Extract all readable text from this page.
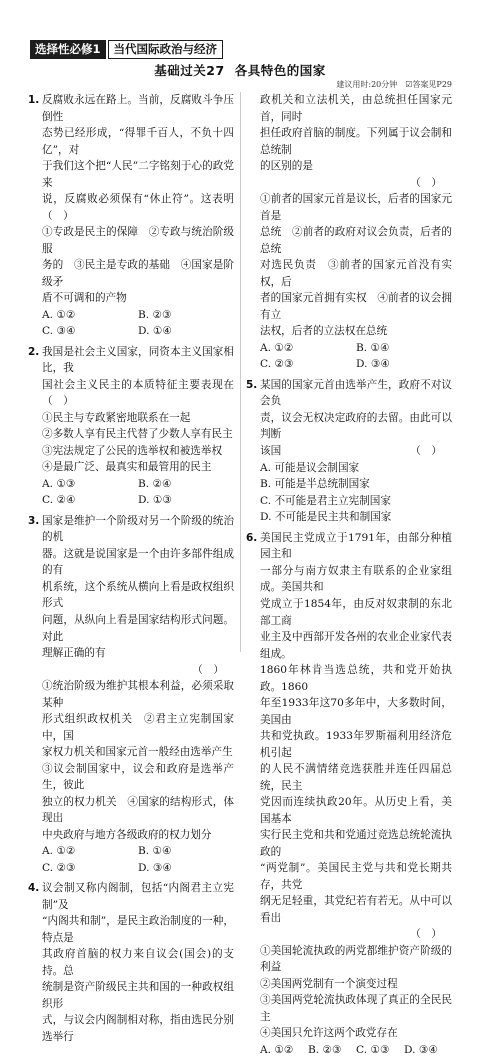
选择性必修1	当代国际政治与经济
基础过关27 各具特色的国家
建议用时:20分钟 ☑答案见P29
1. 反腐败永远在路上。当前，反腐败斗争压倒性
态势已经形成，“得罪千百人，不负十四亿”，对
于我们这个把“人民”二字铭刻于心的政党来
说，反腐败必须保有“休止符”。这表明（　）
①专政是民主的保障　②专政与统治阶级服
务的　③民主是专政的基础　④国家是阶级矛
盾不可调和的产物
A. ①②	B. ②③
C. ③④	D. ①④
2. 我国是社会主义国家，同资本主义国家相比，我
国社会主义民主的本质特征主要表现在（　）
①民主与专政紧密地联系在一起
②多数人享有民主代替了少数人享有民主
③宪法规定了公民的选举权和被选举权
④是最广泛、最真实和最管用的民主
A. ①③	B. ②④
C. ②④	D. ①③
3. 国家是维护一个阶级对另一个阶级的统治的机
器。这就是说国家是一个由许多部件组成的有
机系统，这个系统从横向上看是政权组织形式
问题，从纵向上看是国家结构形式问题。对此
理解正确的有
（　）
①统治阶级为维护其根本利益，必须采取某种
形式组织政权机关　②君主立宪制国家中，国
家权力机关和国家元首一般经由选举产生
③议会制国家中，议会和政府是选举产生，彼此
独立的权力机关　④国家的结构形式，体现出
中央政府与地方各级政府的权力划分
A. ①②	B. ①④
C. ②③	D. ③④
4. 议会制又称内阁制，包括“内阁君主立宪制”及
“内阁共和制”，是民主政治制度的一种，特点是
其政府首脑的权力来自议会(国会)的支持。总
统制是资产阶级民主共和国的一种政权组织形
式，与议会内阁制相对称，指由选民分别选举行
政机关和立法机关，由总统担任国家元首，同时
担任政府首脑的制度。下列属于议会制和总统制
的区别的是
（　）
①前者的国家元首是议长，后者的国家元首是
总统　②前者的政府对议会负责，后者的总统
对选民负责　③前者的国家元首没有实权，后
者的国家元首拥有实权　④前者的议会拥有立
法权，后者的立法权在总统
A. ①②	B. ①④
C. ②③	D. ③④
5. 某国的国家元首由选举产生，政府不对议会负
责，议会无权决定政府的去留。由此可以判断
该国	（　）
A. 可能是议会制国家
B. 可能是半总统制国家
C. 不可能是君主立宪制国家
D. 不可能是民主共和制国家
6. 美国民主党成立于1791年，由部分种植园主和
一部分与南方奴隶主有联系的企业家组成。美国共和
党成立于1854年，由反对奴隶制的东北部工商
业主及中西部开发各州的农业企业家代表组成。
1860年林肯当选总统，共和党开始执政。1860
年至1933年这70多年中，大多数时间，美国由
共和党执政。1933年罗斯福利用经济危机引起
的人民不满情绪竞选获胜并连任四届总统，民主
党因而连续执政20年。从历史上看，美国基本
实行民主党和共和党通过竞选总统轮流执政的
“两党制”。美国民主党与共和党长期共存，共党
纲无足轻重，其党纪若有若无。从中可以看出
（　）
①美国轮流执政的两党都维护资产阶级的利益
②美国两党制有一个演变过程
③美国两党轮流执政体现了真正的全民民主
④美国只允许这两个政党存在
A. ①②	B. ②③	C. ①③	D. ③④
